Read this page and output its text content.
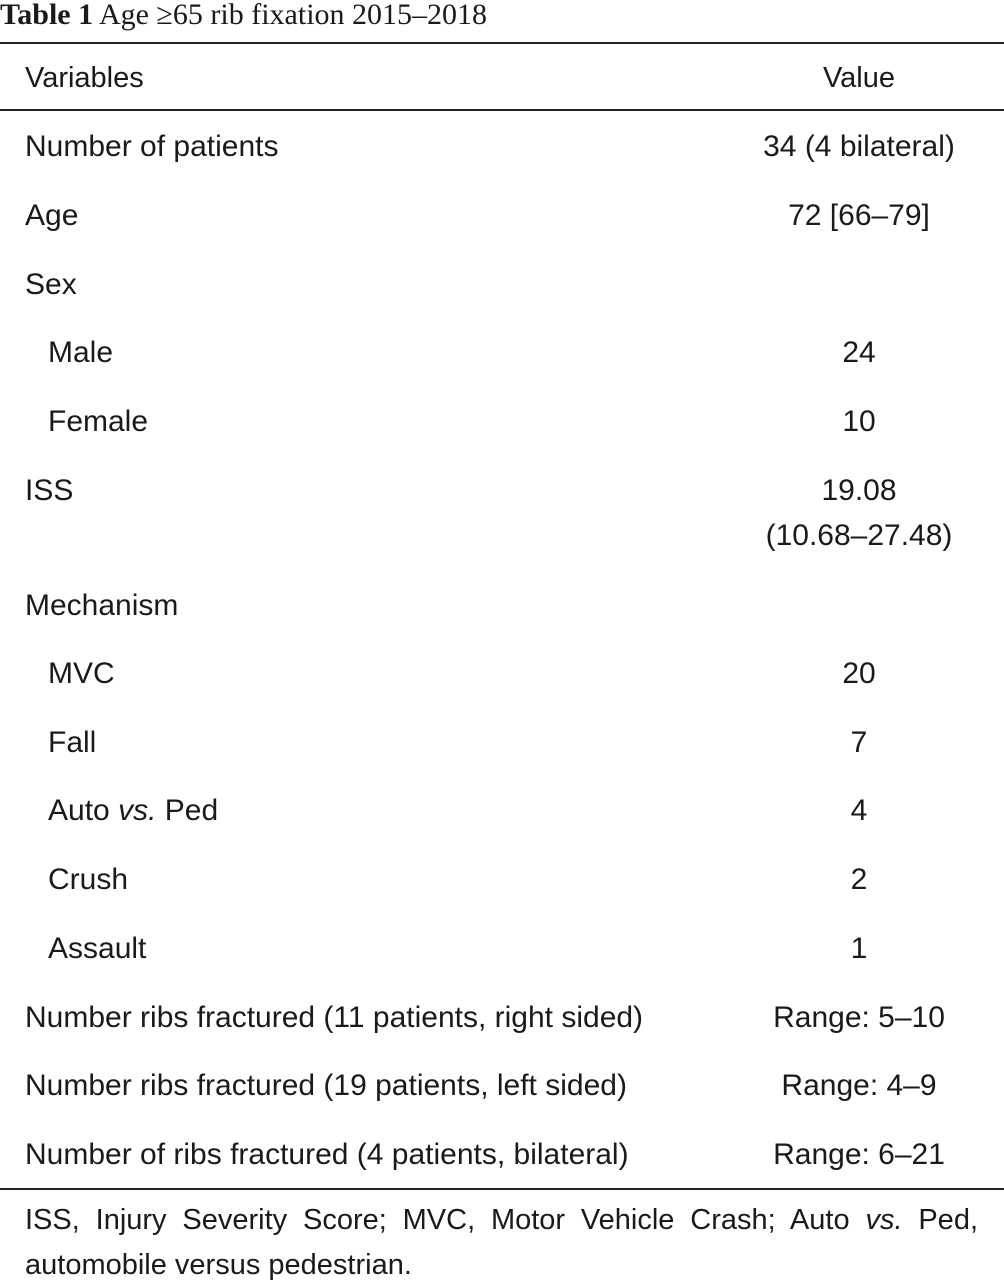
Table 1 Age ≥65 rib fixation 2015–2018
Variables	Value
Number of patients	34 (4 bilateral)
Age	72 [66–79]
Sex
Male	24
Female	10
ISS	19.08
(10.68–27.48)
Mechanism
MVC	20
Fall	7
Auto vs. Ped	4
Crush	2
Assault	1
Number ribs fractured (11 patients, right sided)	Range: 5–10
Number ribs fractured (19 patients, left sided)	Range: 4–9
Number of ribs fractured (4 patients, bilateral)	Range: 6–21
ISS, Injury Severity Score; MVC, Motor Vehicle Crash; Auto vs. Ped, automobile versus pedestrian.
